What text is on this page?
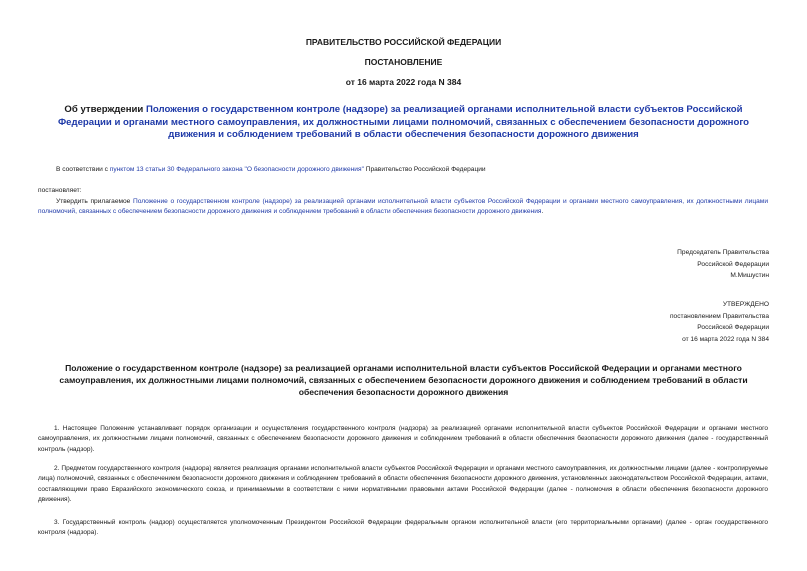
ПРАВИТЕЛЬСТВО РОССИЙСКОЙ ФЕДЕРАЦИИ
ПОСТАНОВЛЕНИЕ
от 16 марта 2022 года N 384
Об утверждении Положения о государственном контроле (надзоре) за реализацией органами исполнительной власти субъектов Российской Федерации и органами местного самоуправления, их должностными лицами полномочий, связанных с обеспечением безопасности дорожного движения и соблюдением требований в области обеспечения безопасности дорожного движения
В соответствии с пунктом 13 статьи 30 Федерального закона "О безопасности дорожного движения" Правительство Российской Федерации
постановляет:
Утвердить прилагаемое Положение о государственном контроле (надзоре) за реализацией органами исполнительной власти субъектов Российской Федерации и органами местного самоуправления, их должностными лицами полномочий, связанных с обеспечением безопасности дорожного движения и соблюдением требований в области обеспечения безопасности дорожного движения.
Председатель Правительства
Российской Федерации
М.Мишустин
УТВЕРЖДЕНО
постановлением Правительства
Российской Федерации
от 16 марта 2022 года N 384
Положение о государственном контроле (надзоре) за реализацией органами исполнительной власти субъектов Российской Федерации и органами местного самоуправления, их должностными лицами полномочий, связанных с обеспечением безопасности дорожного движения и соблюдением требований в области обеспечения безопасности дорожного движения
1. Настоящее Положение устанавливает порядок организации и осуществления государственного контроля (надзора) за реализацией органами исполнительной власти субъектов Российской Федерации и органами местного самоуправления, их должностными лицами полномочий, связанных с обеспечением безопасности дорожного движения и соблюдением требований в области обеспечения безопасности дорожного движения (далее - государственный контроль (надзор).
2. Предметом государственного контроля (надзора) является реализация органами исполнительной власти субъектов Российской Федерации и органами местного самоуправления, их должностными лицами (далее - контролируемые лица) полномочий, связанных с обеспечением безопасности дорожного движения и соблюдением требований в области обеспечения безопасности дорожного движения, установленных законодательством Российской Федерации, актами, составляющими право Евразийского экономического союза, и принимаемыми в соответствии с ними нормативными правовыми актами Российской Федерации (далее - полномочия в области обеспечения безопасности дорожного движения).
3. Государственный контроль (надзор) осуществляется уполномоченным Президентом Российской Федерации федеральным органом исполнительной власти (его территориальными органами) (далее - орган государственного контроля (надзора).
